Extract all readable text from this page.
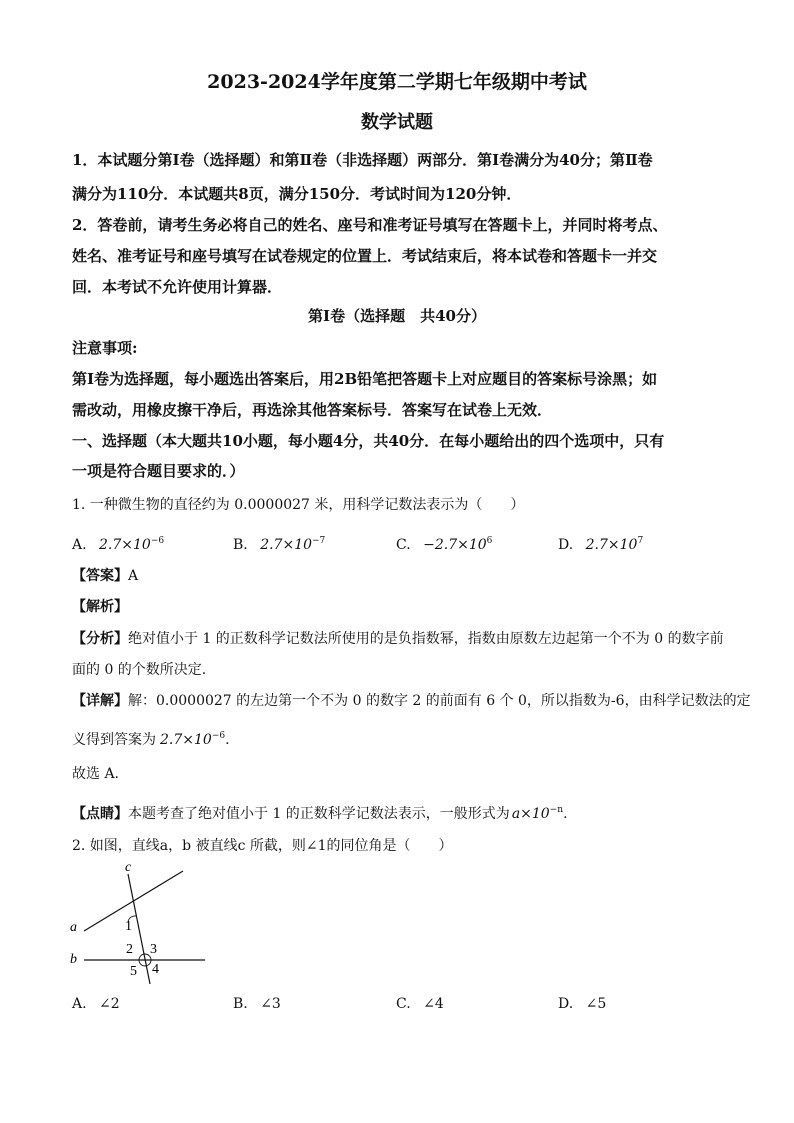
2023-2024学年度第二学期七年级期中考试
数学试题
1．本试题分第Ⅰ卷（选择题）和第Ⅱ卷（非选择题）两部分．第Ⅰ卷满分为40分；第Ⅱ卷
满分为110分．本试题共8页，满分150分．考试时间为120分钟．
2．答卷前，请考生务必将自己的姓名、座号和准考证号填写在答题卡上，并同时将考点、
姓名、准考证号和座号填写在试卷规定的位置上．考试结束后，将本试卷和答题卡一并交
回．本考试不允许使用计算器．
第Ⅰ卷（选择题　共40分）
注意事项:
第Ⅰ卷为选择题，每小题选出答案后，用2B铅笔把答题卡上对应题目的答案标号涂黑；如
需改动，用橡皮擦干净后，再选涂其他答案标号．答案写在试卷上无效．
一、选择题（本大题共10小题，每小题4分，共40分．在每小题给出的四个选项中，只有
一项是符合题目要求的．）
1. 一种微生物的直径约为 0.0000027 米，用科学记数法表示为（　　）
A. $2.7\times 10^{-6}$	B. $2.7\times 10^{-7}$	C. $-2.7\times 10^6$	D. $2.7\times 10^7$
【答案】A
【解析】
【分析】绝对值小于 1 的正数科学记数法所使用的是负指数幂，指数由原数左边起第一个不为 0 的数字前
面的 0 的个数所决定.
【详解】解：0.0000027 的左边第一个不为 0 的数字 2 的前面有 6 个 0，所以指数为-6，由科学记数法的定
义得到答案为 $2.7\times 10^{-6}$.
故选 A.
【点睛】本题考查了绝对值小于 1 的正数科学记数法表示，一般形式为 $a\times 10^{-n}$.
2. 如图，直线a，b 被直线c 所截，则∠1的同位角是（　　）
c
a
b
1
2 3
4
5
A. ∠2	B. ∠3	C. ∠4	D. ∠5
